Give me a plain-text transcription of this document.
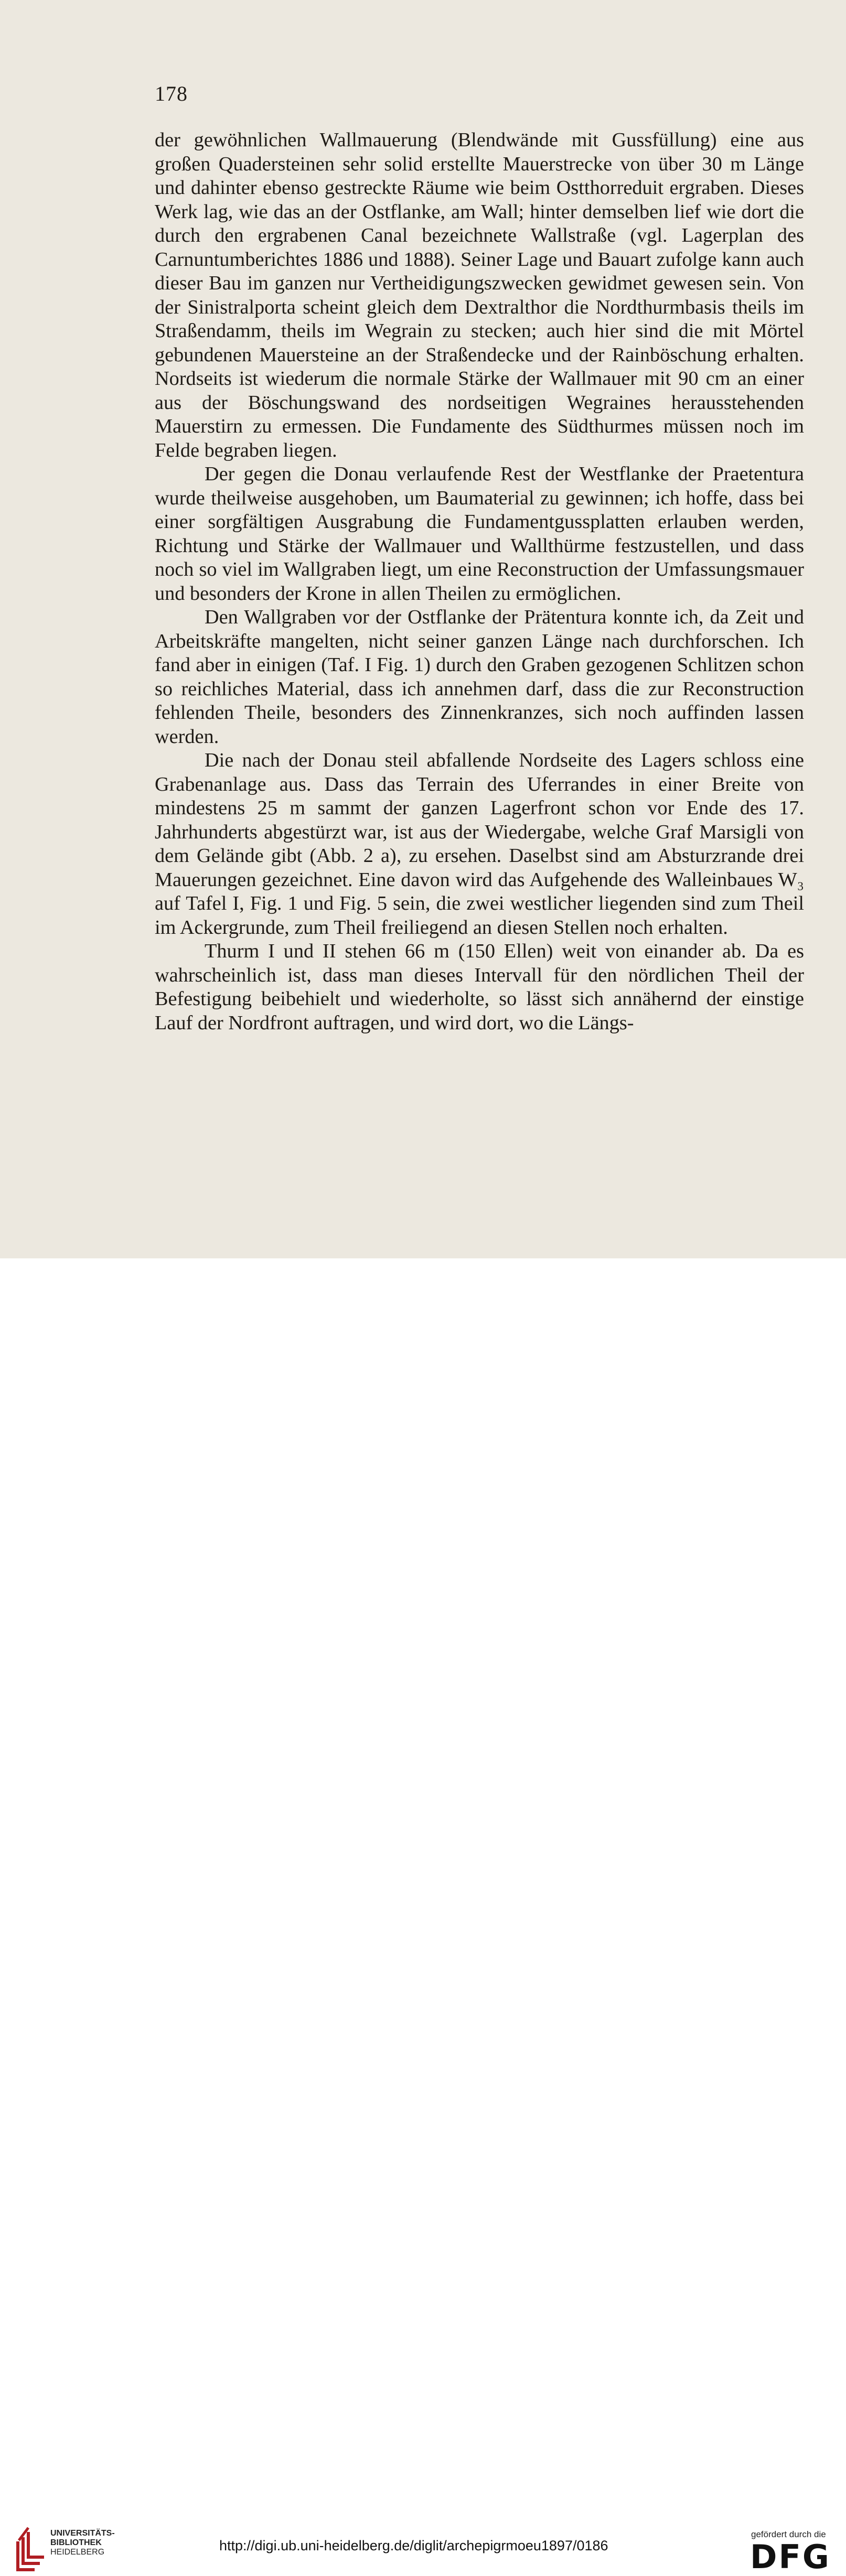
178

der gewöhnlichen Wallmauerung (Blendwände mit Gussfüllung) eine aus großen Quadersteinen sehr solid erstellte Mauerstrecke von über 30 m Länge und dahinter ebenso gestreckte Räume wie beim Ostthorreduit ergraben. Dieses Werk lag, wie das an der Ostflanke, am Wall; hinter demselben lief wie dort die durch den ergrabenen Canal bezeichnete Wallstraße (vgl. Lagerplan des Carnuntumberichtes 1886 und 1888). Seiner Lage und Bauart zufolge kann auch dieser Bau im ganzen nur Vertheidigungszwecken gewidmet gewesen sein. Von der Sinistralporta scheint gleich dem Dextralthor die Nordthurmbasis theils im Straßendamm, theils im Wegrain zu stecken; auch hier sind die mit Mörtel gebundenen Mauersteine an der Straßendecke und der Rainböschung erhalten. Nordseits ist wiederum die normale Stärke der Wallmauer mit 90 cm an einer aus der Böschungswand des nordseitigen Wegraines herausstehenden Mauerstirn zu ermessen. Die Fundamente des Südthurmes müssen noch im Felde begraben liegen.

Der gegen die Donau verlaufende Rest der Westflanke der Praetentura wurde theilweise ausgehoben, um Baumaterial zu gewinnen; ich hoffe, dass bei einer sorgfältigen Ausgrabung die Fundamentgussplatten erlauben werden, Richtung und Stärke der Wallmauer und Wallthürme festzustellen, und dass noch so viel im Wallgraben liegt, um eine Reconstruction der Umfassungsmauer und besonders der Krone in allen Theilen zu ermöglichen.

Den Wallgraben vor der Ostflanke der Prätentura konnte ich, da Zeit und Arbeitskräfte mangelten, nicht seiner ganzen Länge nach durchforschen. Ich fand aber in einigen (Taf. I Fig. 1) durch den Graben gezogenen Schlitzen schon so reichliches Material, dass ich annehmen darf, dass die zur Reconstruction fehlenden Theile, besonders des Zinnenkranzes, sich noch auffinden lassen werden.

Die nach der Donau steil abfallende Nordseite des Lagers schloss eine Grabenanlage aus. Dass das Terrain des Uferrandes in einer Breite von mindestens 25 m sammt der ganzen Lagerfront schon vor Ende des 17. Jahrhunderts abgestürzt war, ist aus der Wiedergabe, welche Graf Marsigli von dem Gelände gibt (Abb. 2 a), zu ersehen. Daselbst sind am Absturzrande drei Mauerungen gezeichnet. Eine davon wird das Aufgehende des Walleinbaues W₃ auf Tafel I, Fig. 1 und Fig. 5 sein, die zwei westlicher liegenden sind zum Theil im Ackergrunde, zum Theil freiliegend an diesen Stellen noch erhalten.

Thurm I und II stehen 66 m (150 Ellen) weit von einander ab. Da es wahrscheinlich ist, dass man dieses Intervall für den nördlichen Theil der Befestigung beibehielt und wiederholte, so lässt sich annähernd der einstige Lauf der Nordfront auftragen, und wird dort, wo die Längs-

UNIVERSITÄTS-
BIBLIOTHEK
HEIDELBERG	http://digi.ub.uni-heidelberg.de/diglit/archepigrmoeu1897/0186
gefördert durch die
DFG
